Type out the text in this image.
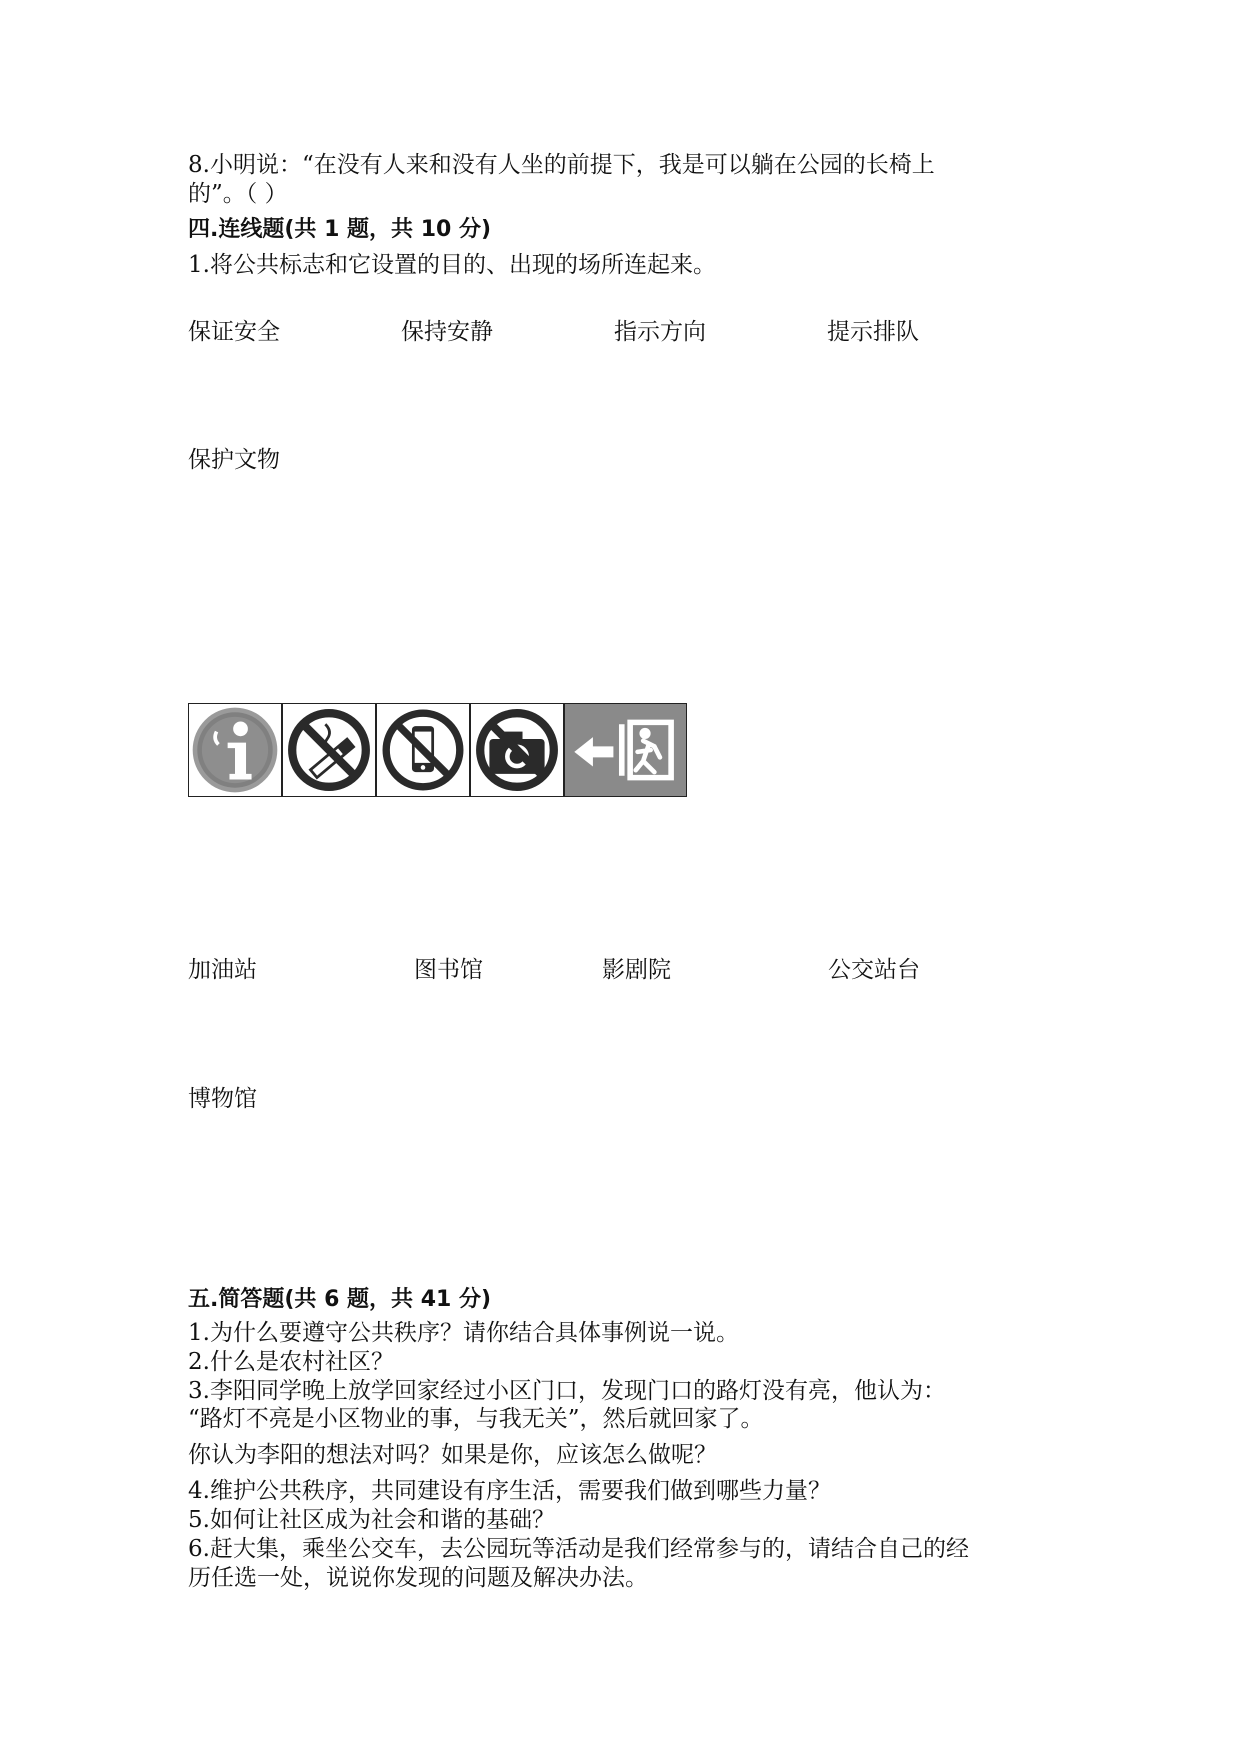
8.小明说：“在没有人来和没有人坐的前提下，我是可以躺在公园的长椅上
的”。（ ）
四.连线题(共 1 题，共 10 分)
1.将公共标志和它设置的目的、出现的场所连起来。
保证安全	保持安静	指示方向	提示排队
保护文物
加油站	图书馆	影剧院	公交站台
博物馆
五.简答题(共 6 题，共 41 分)
1.为什么要遵守公共秩序？请你结合具体事例说一说。
2.什么是农村社区？
3.李阳同学晚上放学回家经过小区门口，发现门口的路灯没有亮，他认为：
“路灯不亮是小区物业的事，与我无关”，然后就回家了。
你认为李阳的想法对吗？如果是你，应该怎么做呢？
4.维护公共秩序，共同建设有序生活，需要我们做到哪些力量？
5.如何让社区成为社会和谐的基础？
6.赶大集，乘坐公交车，去公园玩等活动是我们经常参与的，请结合自己的经
历任选一处，说说你发现的问题及解决办法。
